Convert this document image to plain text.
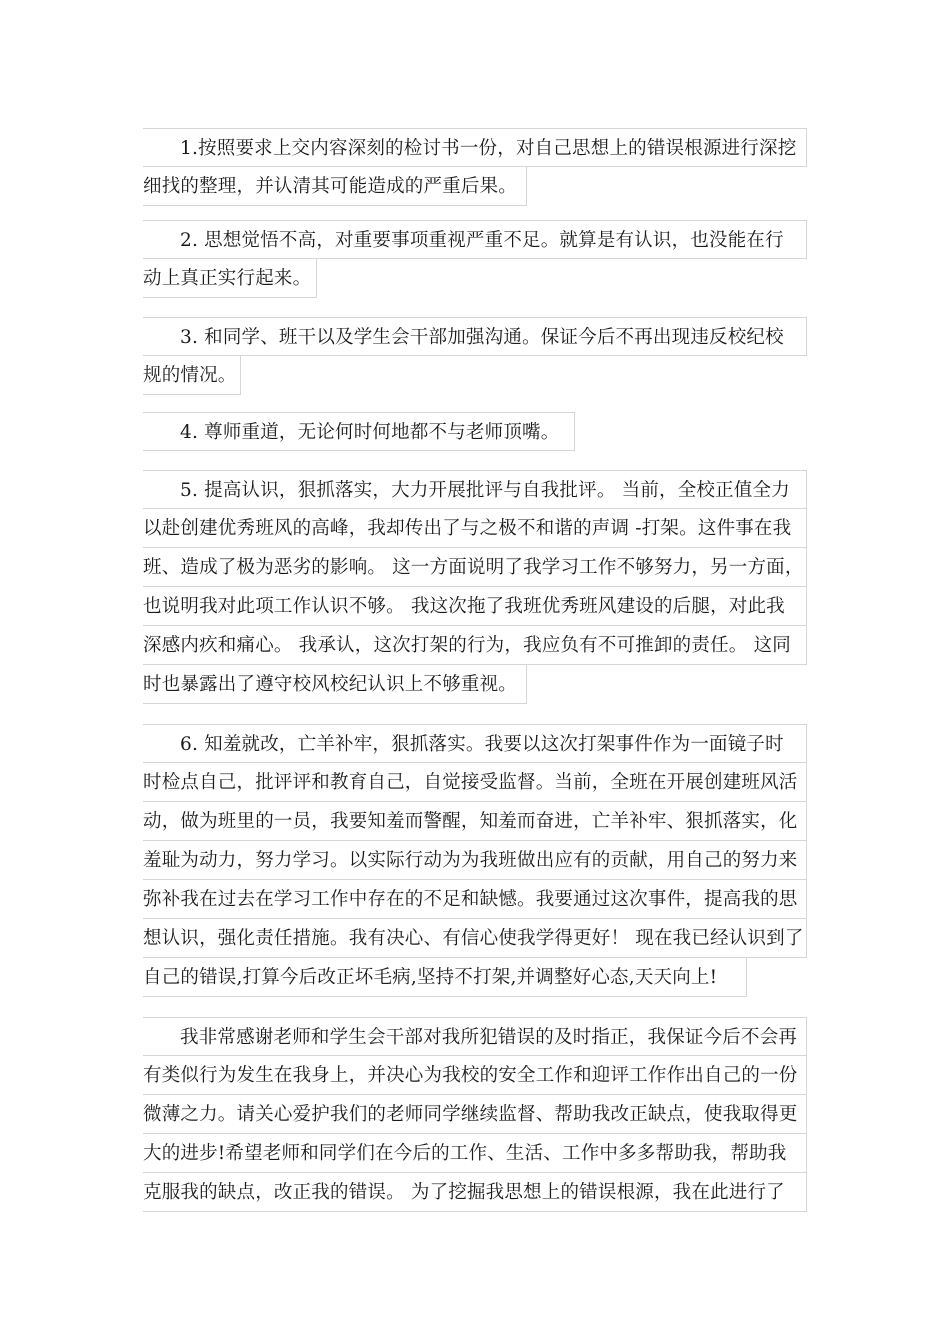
1.按照要求上交内容深刻的检讨书一份，对自己思想上的错误根源进行深挖
细找的整理，并认清其可能造成的严重后果。
2. 思想觉悟不高，对重要事项重视严重不足。就算是有认识，也没能在行
动上真正实行起来。
3. 和同学、班干以及学生会干部加强沟通。保证今后不再出现违反校纪校
规的情况。
4. 尊师重道，无论何时何地都不与老师顶嘴。
5. 提高认识，狠抓落实，大力开展批评与自我批评。 当前，全校正值全力
以赴创建优秀班风的高峰，我却传出了与之极不和谐的声调 -打架。这件事在我
班、造成了极为恶劣的影响。 这一方面说明了我学习工作不够努力，另一方面，
也说明我对此项工作认识不够。 我这次拖了我班优秀班风建设的后腿，对此我
深感内疚和痛心。 我承认，这次打架的行为，我应负有不可推卸的责任。 这同
时也暴露出了遵守校风校纪认识上不够重视。
6. 知羞就改，亡羊补牢，狠抓落实。我要以这次打架事件作为一面镜子时
时检点自己，批评评和教育自己，自觉接受监督。当前，全班在开展创建班风活
动，做为班里的一员，我要知羞而警醒，知羞而奋进，亡羊补牢、狠抓落实，化
羞耻为动力，努力学习。以实际行动为为我班做出应有的贡献，用自己的努力来
弥补我在过去在学习工作中存在的不足和缺憾。我要通过这次事件，提高我的思
想认识，强化责任措施。我有决心、有信心使我学得更好！ 现在我已经认识到了
自己的错误,打算今后改正坏毛病,坚持不打架,并调整好心态,天天向上!
我非常感谢老师和学生会干部对我所犯错误的及时指正，我保证今后不会再
有类似行为发生在我身上，并决心为我校的安全工作和迎评工作作出自己的一份
微薄之力。请关心爱护我们的老师同学继续监督、帮助我改正缺点，使我取得更
大的进步!希望老师和同学们在今后的工作、生活、工作中多多帮助我，帮助我
克服我的缺点，改正我的错误。 为了挖掘我思想上的错误根源，我在此进行了
